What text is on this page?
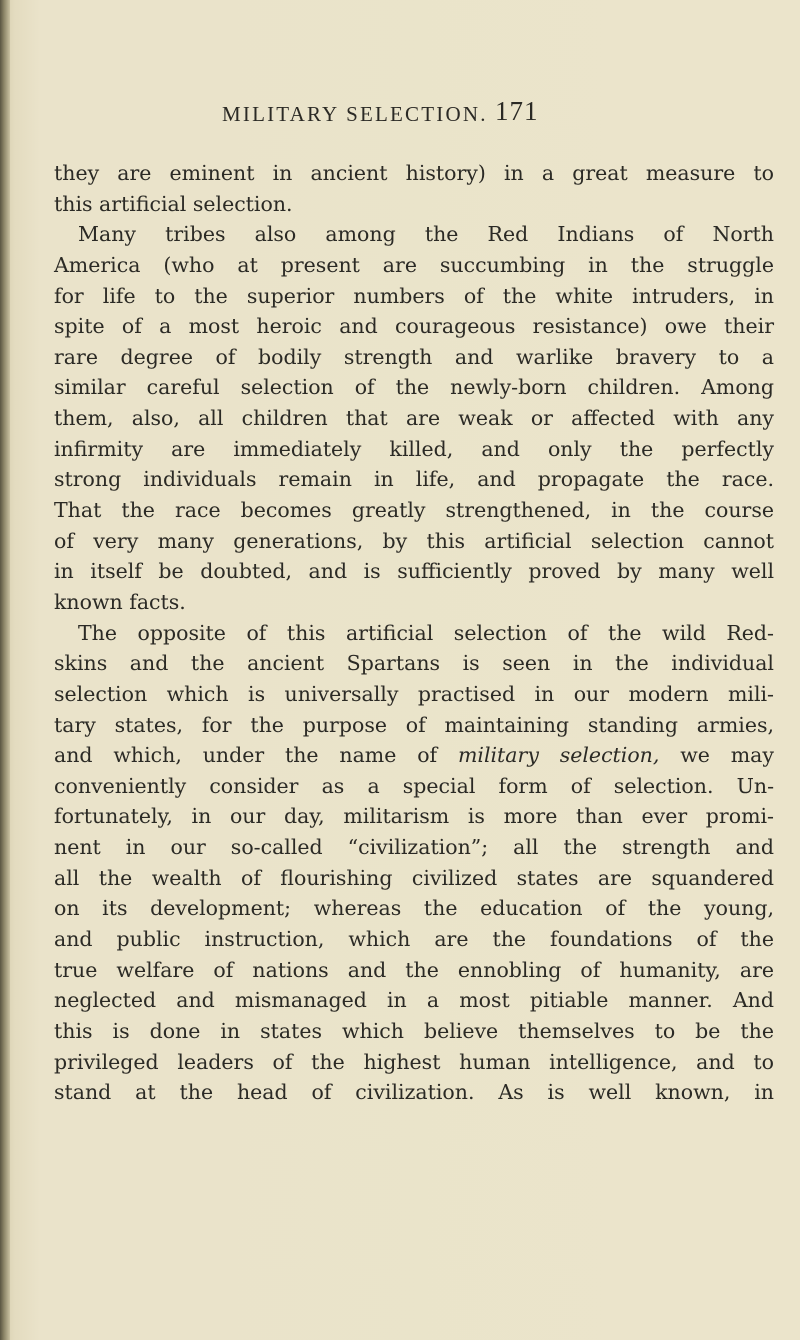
MILITARY SELECTION. 171
they are eminent in ancient history) in a great measure to
this artificial selection.
Many tribes also among the Red Indians of North
America (who at present are succumbing in the struggle
for life to the superior numbers of the white intruders, in
spite of a most heroic and courageous resistance) owe their
rare degree of bodily strength and warlike bravery to a
similar careful selection of the newly-born children. Among
them, also, all children that are weak or affected with any
infirmity are immediately killed, and only the perfectly
strong individuals remain in life, and propagate the race.
That the race becomes greatly strengthened, in the course
of very many generations, by this artificial selection cannot
in itself be doubted, and is sufficiently proved by many well
known facts.
The opposite of this artificial selection of the wild Red-
skins and the ancient Spartans is seen in the individual
selection which is universally practised in our modern mili-
tary states, for the purpose of maintaining standing armies,
and which, under the name of military selection, we may
conveniently consider as a special form of selection. Un-
fortunately, in our day, militarism is more than ever promi-
nent in our so-called “civilization”; all the strength and
all the wealth of flourishing civilized states are squandered
on its development; whereas the education of the young,
and public instruction, which are the foundations of the
true welfare of nations and the ennobling of humanity, are
neglected and mismanaged in a most pitiable manner. And
this is done in states which believe themselves to be the
privileged leaders of the highest human intelligence, and to
stand at the head of civilization. As is well known, in
